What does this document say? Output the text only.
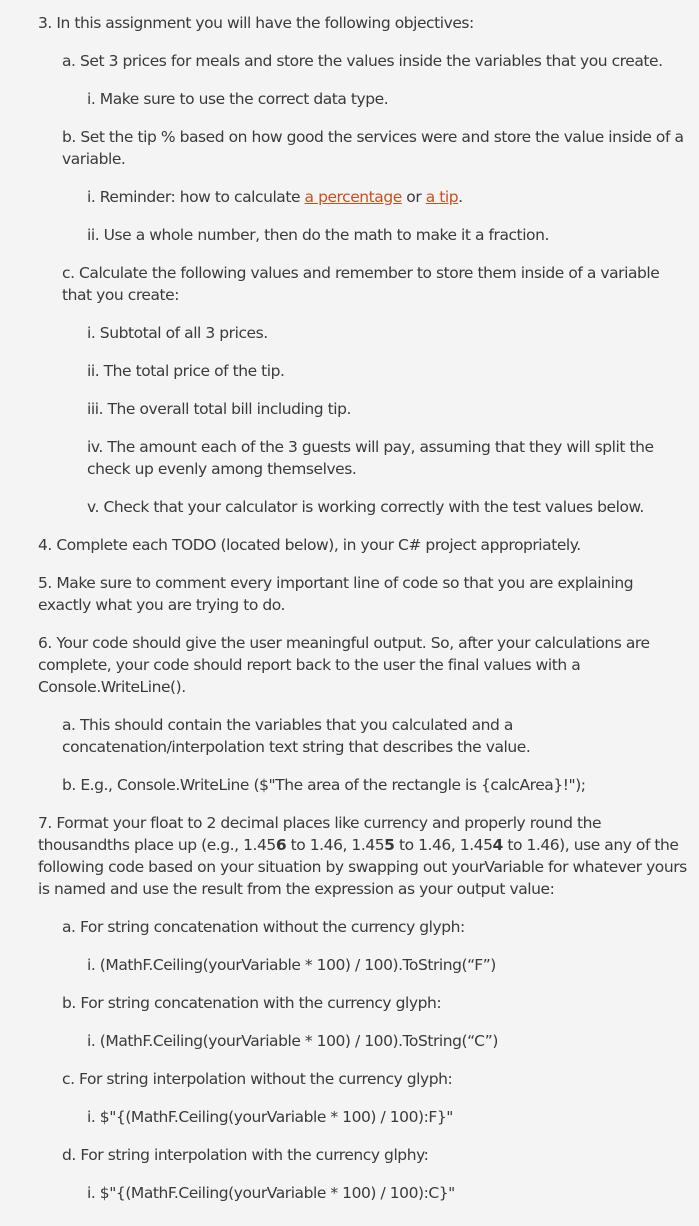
3. In this assignment you will have the following objectives:

a. Set 3 prices for meals and store the values inside the variables that you create.

i. Make sure to use the correct data type.

b. Set the tip % based on how good the services were and store the value inside of a variable.

i. Reminder: how to calculate a percentage or a tip.

ii. Use a whole number, then do the math to make it a fraction.

c. Calculate the following values and remember to store them inside of a variable that you create:

i. Subtotal of all 3 prices.

ii. The total price of the tip.

iii. The overall total bill including tip.

iv. The amount each of the 3 guests will pay, assuming that they will split the check up evenly among themselves.

v. Check that your calculator is working correctly with the test values below.

4. Complete each TODO (located below), in your C# project appropriately.

5. Make sure to comment every important line of code so that you are explaining exactly what you are trying to do.

6. Your code should give the user meaningful output. So, after your calculations are complete, your code should report back to the user the final values with a Console.WriteLine().

a. This should contain the variables that you calculated and a concatenation/interpolation text string that describes the value.

b. E.g., Console.WriteLine ($"The area of the rectangle is {calcArea}!");

7. Format your float to 2 decimal places like currency and properly round the thousandths place up (e.g., 1.456 to 1.46, 1.455 to 1.46, 1.454 to 1.46), use any of the following code based on your situation by swapping out yourVariable for whatever yours is named and use the result from the expression as your output value:

a. For string concatenation without the currency glyph:

i. (MathF.Ceiling(yourVariable * 100) / 100).ToString(“F”)

b. For string concatenation with the currency glyph:

i. (MathF.Ceiling(yourVariable * 100) / 100).ToString(“C”)

c. For string interpolation without the currency glyph:

i. $"{(MathF.Ceiling(yourVariable * 100) / 100):F}"

d. For string interpolation with the currency glphy:

i. $"{(MathF.Ceiling(yourVariable * 100) / 100):C}"
